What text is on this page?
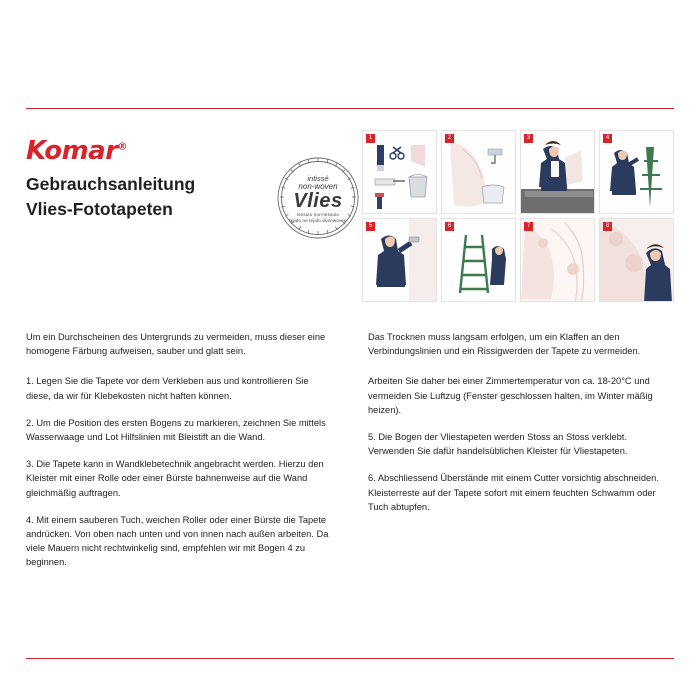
Komar®
Gebrauchsanleitung
Vlies-Fototapeten
intissé
non-woven
Vlies
tessuto non-tessuto
tejido no tejido dúonwoven
1	2	3	4
5	6	7	8

Um ein Durchscheinen des Untergrunds zu vermeiden, muss dieser eine homogene Färbung aufweisen, sauber und glatt sein.

1. Legen Sie die Tapete vor dem Verkleben aus und kontrollieren Sie diese, da wir für Klebekosten nicht haften können.

2. Um die Position des ersten Bogens zu markieren, zeichnen Sie mittels Wasserwaage und Lot Hilfslinien mit Bleistift an die Wand.

3. Die Tapete kann in Wandklebetechnik angebracht werden. Hierzu den Kleister mit einer Rolle oder einer Bürste bahnenweise auf die Wand gleichmäßig auftragen.

4. Mit einem sauberen Tuch, weichen Roller oder einer Bürste die Tapete andrücken. Von oben nach unten und von innen nach außen arbeiten. Da viele Mauern nicht rechtwinkelig sind, empfehlen wir mit Bogen 4 zu beginnen.

Das Trocknen muss langsam erfolgen, um ein Klaffen an den Verbindungslinien und ein Rissigwerden der Tapete zu vermeiden.

Arbeiten Sie daher bei einer Zimmertemperatur von ca. 18-20°C und vermeiden Sie Luftzug (Fenster geschlossen halten, im Winter mäßig heizen).

5. Die Bogen der Vliestapeten werden Stoss an Stoss verklebt. Verwenden Sie dafür handelsüblichen Kleister für Vliestapeten.

6. Abschliessend Überstände mit einem Cutter vorsichtig abschneiden. Kleisterreste auf der Tapete sofort mit einem feuchten Schwamm oder Tuch abtupfen.
